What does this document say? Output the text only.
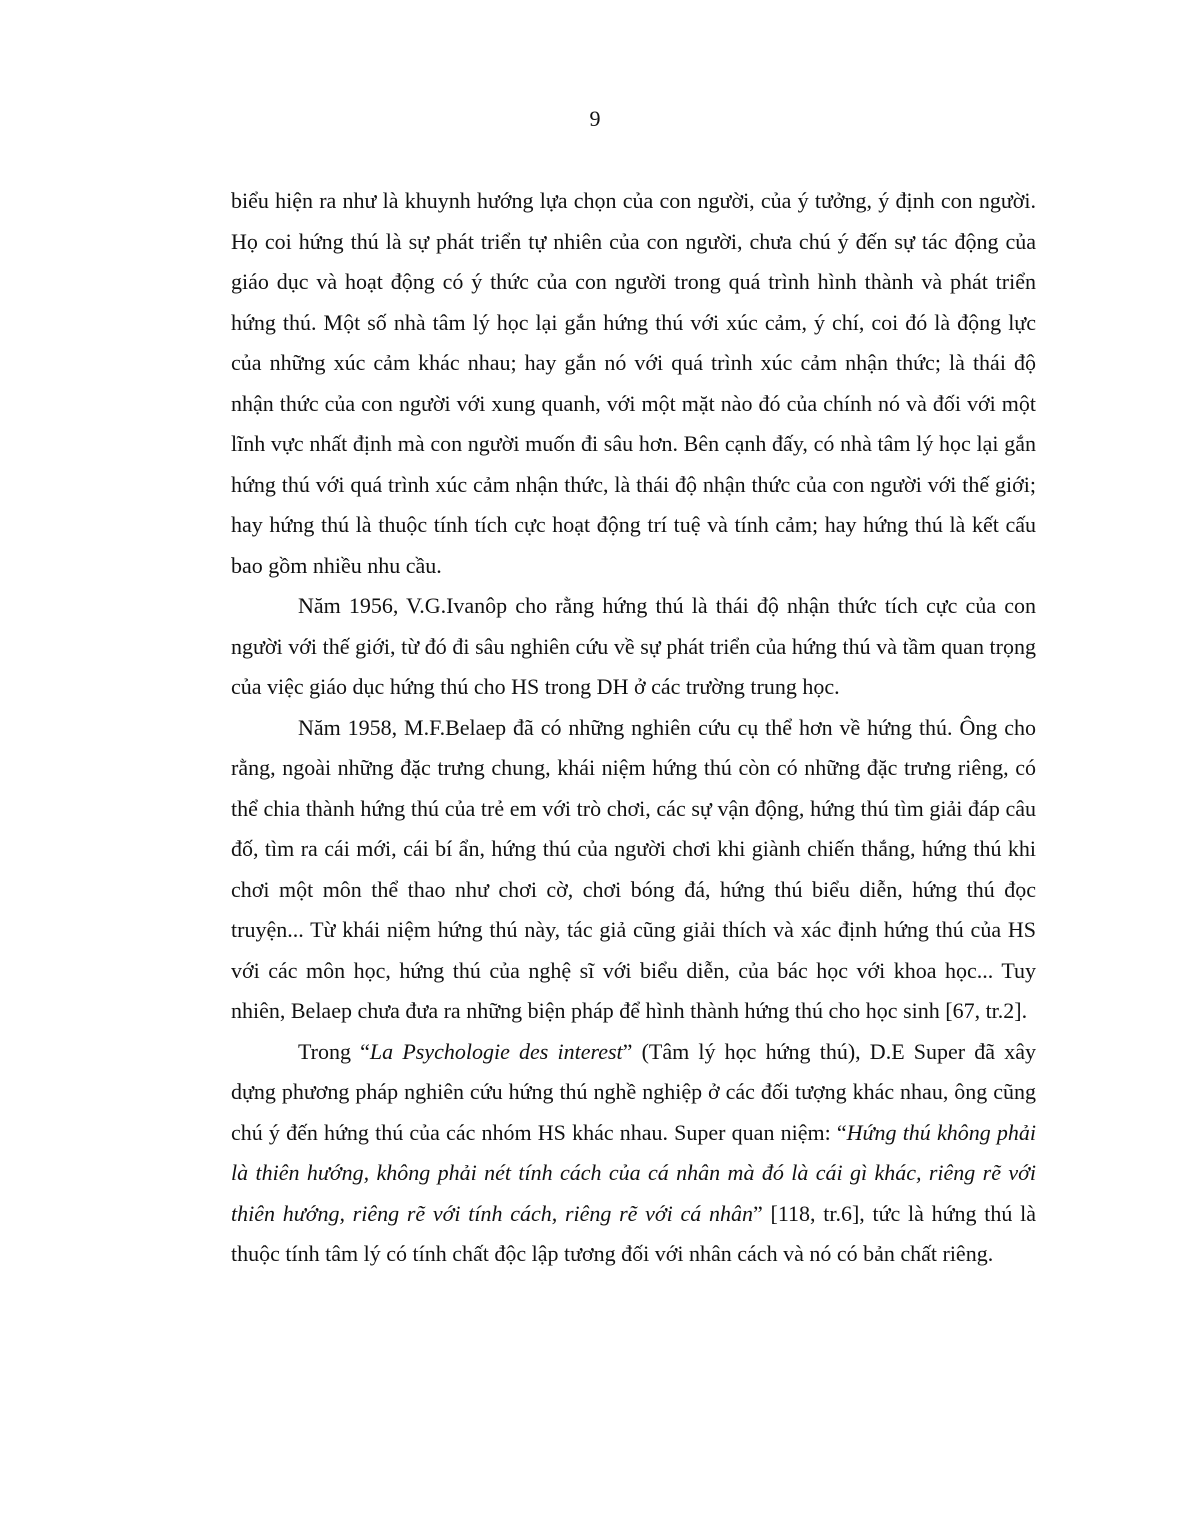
9

biểu hiện ra như là khuynh hướng lựa chọn của con người, của ý tưởng, ý định con người. Họ coi hứng thú là sự phát triển tự nhiên của con người, chưa chú ý đến sự tác động của giáo dục và hoạt động có ý thức của con người trong quá trình hình thành và phát triển hứng thú. Một số nhà tâm lý học lại gắn hứng thú với xúc cảm, ý chí, coi đó là động lực của những xúc cảm khác nhau; hay gắn nó với quá trình xúc cảm nhận thức; là thái độ nhận thức của con người với xung quanh, với một mặt nào đó của chính nó và đối với một lĩnh vực nhất định mà con người muốn đi sâu hơn. Bên cạnh đấy, có nhà tâm lý học lại gắn hứng thú với quá trình xúc cảm nhận thức, là thái độ nhận thức của con người với thế giới; hay hứng thú là thuộc tính tích cực hoạt động trí tuệ và tính cảm; hay hứng thú là kết cấu bao gồm nhiều nhu cầu.

Năm 1956, V.G.Ivanôp cho rằng hứng thú là thái độ nhận thức tích cực của con người với thế giới, từ đó đi sâu nghiên cứu về sự phát triển của hứng thú và tầm quan trọng của việc giáo dục hứng thú cho HS trong DH ở các trường trung học.

Năm 1958, M.F.Belaep đã có những nghiên cứu cụ thể hơn về hứng thú. Ông cho rằng, ngoài những đặc trưng chung, khái niệm hứng thú còn có những đặc trưng riêng, có thể chia thành hứng thú của trẻ em với trò chơi, các sự vận động, hứng thú tìm giải đáp câu đố, tìm ra cái mới, cái bí ẩn, hứng thú của người chơi khi giành chiến thắng, hứng thú khi chơi một môn thể thao như chơi cờ, chơi bóng đá, hứng thú biểu diễn, hứng thú đọc truyện... Từ khái niệm hứng thú này, tác giả cũng giải thích và xác định hứng thú của HS với các môn học, hứng thú của nghệ sĩ với biểu diễn, của bác học với khoa học... Tuy nhiên, Belaep chưa đưa ra những biện pháp để hình thành hứng thú cho học sinh [67, tr.2].

Trong “La Psychologie des interest” (Tâm lý học hứng thú), D.E Super đã xây dựng phương pháp nghiên cứu hứng thú nghề nghiệp ở các đối tượng khác nhau, ông cũng chú ý đến hứng thú của các nhóm HS khác nhau. Super quan niệm: “Hứng thú không phải là thiên hướng, không phải nét tính cách của cá nhân mà đó là cái gì khác, riêng rẽ với thiên hướng, riêng rẽ với tính cách, riêng rẽ với cá nhân” [118, tr.6], tức là hứng thú là thuộc tính tâm lý có tính chất độc lập tương đối với nhân cách và nó có bản chất riêng.
